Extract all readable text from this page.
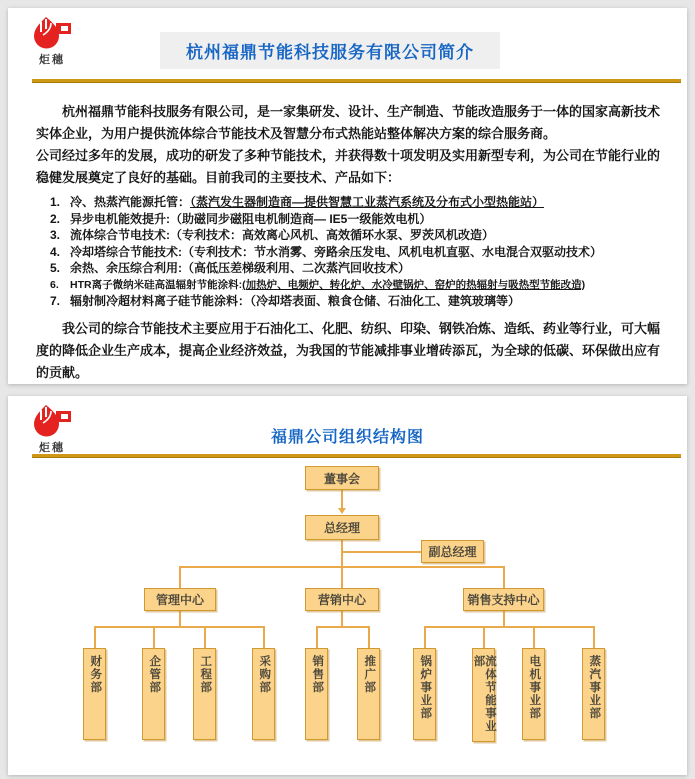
炬穗	杭州福鼎节能科技服务有限公司简介
杭州福鼎节能科技服务有限公司，是一家集研发、设计、生产制造、节能改造服务于一体的国家高新技术实体企业，为用户提供流体综合节能技术及智慧分布式热能站整体解决方案的综合服务商。
公司经过多年的发展，成功的研发了多种节能技术，并获得数十项发明及实用新型专利，为公司在节能行业的稳健发展奠定了良好的基础。目前我司的主要技术、产品如下：
1. 冷、热蒸汽能源托管：（蒸汽发生器制造商—提供智慧工业蒸汽系统及分布式小型热能站）
2. 异步电机能效提升:（助磁同步磁阻电机制造商— IE5一级能效电机）
3. 流体综合节电技术:（专利技术：高效离心风机、高效循环水泵、罗茨风机改造）
4. 冷却塔综合节能技术:（专利技术：节水消雾、旁路余压发电、风机电机直驱、水电混合双驱动技术）
5. 余热、余压综合利用:（高低压差梯级利用、二次蒸汽回收技术）
6. HTR离子微纳米硅高温辐射节能涂料:(加热炉、电频炉、转化炉、水冷壁锅炉、窑炉的热辐射与吸热型节能改造)
7. 辐射制冷超材料离子硅节能涂料：（冷却塔表面、粮食仓储、石油化工、建筑玻璃等）
我公司的综合节能技术主要应用于石油化工、化肥、纺织、印染、钢铁冶炼、造纸、药业等行业，可大幅度的降低企业生产成本，提高企业经济效益，为我国的节能减排事业增砖添瓦，为全球的低碳、环保做出应有的贡献。
炬穗
福鼎公司组织结构图
董事会
总经理
副总经理
管理中心	营销中心	销售支持中心
财务部	企管部	工程部	采购部	销售部	推广部	锅炉事业部	流体节能事业部	电机事业部	蒸汽事业部
